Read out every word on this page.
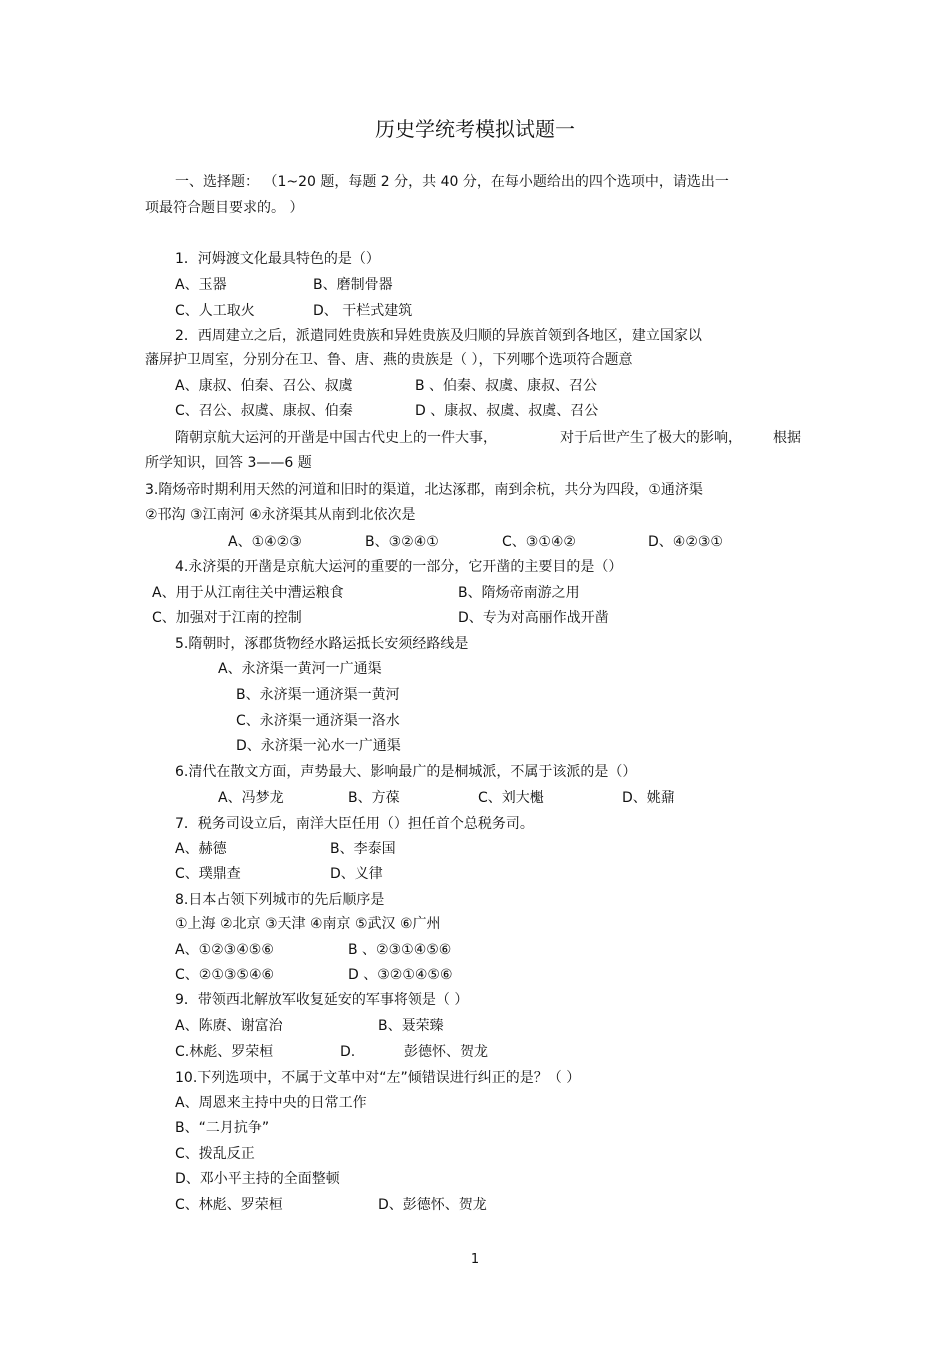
历史学统考模拟试题一
一、选择题： （1~20 题，每题 2 分，共 40 分，在每小题给出的四个选项中，请选出一
项最符合题目要求的。 ）
1．河姆渡文化最具特色的是（）
A、玉器	B、磨制骨器
C、人工取火	D、 干栏式建筑
2．西周建立之后，派遣同姓贵族和异姓贵族及归顺的异族首领到各地区，建立国家以
藩屏护卫周室，分别分在卫、鲁、唐、燕的贵族是（ ），下列哪个选项符合题意
A、康叔、伯秦、召公、叔虞	B 、伯秦、叔虞、康叔、召公
C、召公、叔虞、康叔、伯秦	D 、康叔、叔虞、叔虞、召公
隋朝京航大运河的开凿是中国古代史上的一件大事，	对于后世产生了极大的影响， 根据
所学知识，回答 3——6 题
3.隋炀帝时期利用天然的河道和旧时的渠道，北达涿郡，南到余杭，共分为四段，①通济渠
②邗沟 ③江南河 ④永济渠其从南到北依次是
A、①④②③	B、③②④①	C、③①④②	D、④②③①
4.永济渠的开凿是京航大运河的重要的一部分，它开凿的主要目的是（）
A、用于从江南往关中漕运粮食	B、隋炀帝南游之用
C、加强对于江南的控制	D、专为对高丽作战开凿
5.隋朝时，涿郡货物经水路运抵长安须经路线是
A、永济渠一黄河一广通渠
B、永济渠一通济渠一黄河
C、永济渠一通济渠一洛水
D、永济渠一沁水一广通渠
6.清代在散文方面，声势最大、影响最广的是桐城派，不属于该派的是（）
A、冯梦龙	B、方葆	C、刘大櫆	D、姚鼐
7．税务司设立后，南洋大臣任用（）担任首个总税务司。
A、赫德	B、李泰国
C、璞鼎查	D、义律
8.日本占领下列城市的先后顺序是
①上海 ②北京 ③天津 ④南京 ⑤武汉 ⑥广州
A、①②③④⑤⑥	B 、②③①④⑤⑥
C、②①③⑤④⑥	D 、③②①④⑤⑥
9．带领西北解放军收复延安的军事将领是（ ）
A、陈赓、谢富治	B、聂荣臻
C.林彪、罗荣桓	D.	彭德怀、贺龙
10.下列选项中，不属于文革中对“左”倾错误进行纠正的是？（ ）
A、周恩来主持中央的日常工作
B、“二月抗争”
C、拨乱反正
D、邓小平主持的全面整顿
C、林彪、罗荣桓	D、彭德怀、贺龙
1
